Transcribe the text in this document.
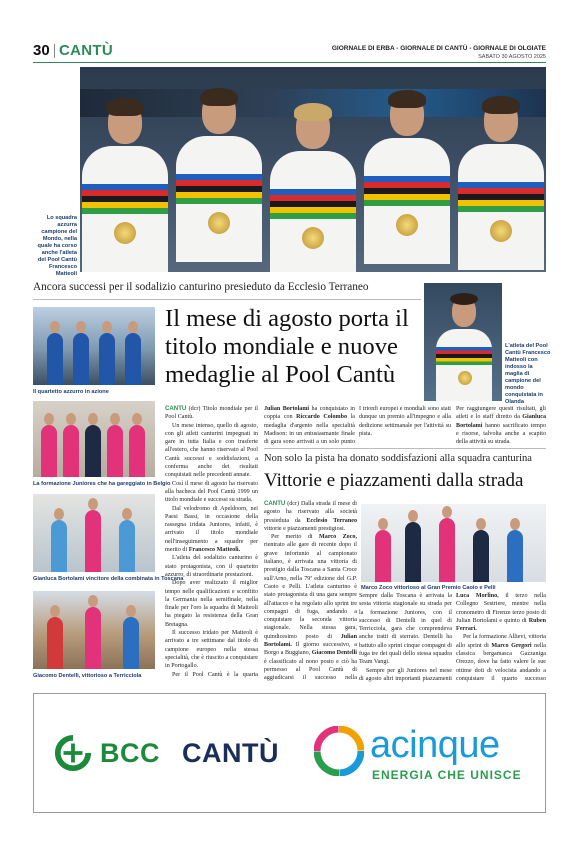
30 CANTÙ	GIORNALE DI ERBA - GIORNALE DI CANTÙ - GIORNALE DI OLGIATE
SABATO 30 AGOSTO 2025
Lo squadra azzurra campione del Mondo, nella quale ha corso anche l'atleta del Pool Cantù Francesco Matteoli
Ancora successi per il sodalizio canturino presieduto da Ecclesio Terraneo
L'atleta del Pool Cantù Francesco Matteoli con indosso la maglia di campione del mondo conquistata in Olanda
Il quartetto azzurro in azione
La formazione Juniores che ha gareggiato in Belgio
Gianluca Bortolami vincitore della combinata in Toscana
Giacomo Dentelli, vittorioso a Terricciola
Il mese di agosto porta il titolo mondiale e nuove medaglie al Pool Cantù

CANTÙ (dcr) Titolo mondiale per il Pool Cantù.

Un mese intenso, quello di agosto, con gli atleti canturini impegnati in gare in tutta Italia e con trasferte all'estero, che hanno riservato al Pool Cantù successi e soddisfazioni, a conferma anche dei risultati conquistati nelle precedenti annate.

Così il mese di agosto ha riservato alla bacheca del Pool Cantù 1999 un titolo mondiale e successi su strada.

Dal velodromo di Apeldoorn, nei Paesi Bassi, in occasione della rassegna iridata Juniores, infatti, è arrivato il titolo mondiale nell'inseguimento a squadre per merito di Francesco Matteoli.

L'atleta del sodalizio canturino è stato protagonista, con il quartetto azzurro, di straordinarie prestazioni.

Dopo aver realizzato il miglior tempo nelle qualificazioni e sconfitto la Germania nella semifinale, nella finale per l'oro la squadra di Matteoli ha piegato la resistenza della Gran Bretagna.

Il successo iridato per Matteoli è arrivato a tre settimane dal titolo di campione europeo nella stessa specialità, che è riuscito a conquistare in Portogallo.

Per il Pool Cantù è la quarta

Julian Bortolami ha conquistato in coppia con Riccardo Colombo la medaglia d'argento nella specialità Madison: in un entusiasmante finale di gara sono arrivati a un solo punto

I trionfi europei e mondiali sono stati dunque un premio all'impegno e alla dedizione settimanale per l'attività su pista.

Per raggiungere questi risultati, gli atleti e lo staff diretto da Gianluca Bortolami hanno sacrificato tempo e risorse, talvolta anche a scapito della attività su strada.

Non solo la pista ha donato soddisfazioni alla squadra canturina
Vittorie e piazzamenti dalla strada

CANTÙ (dcr) Dalla strada il mese di agosto ha riservato alla società presieduta da Ecclesio Terraneo vittorie e piazzamenti prestigiosi.

Per merito di Marco Zoco, rientrato alle gare di recente dopo il grave infortunio al campionato italiano, è arrivata una vittoria di prestigio dalla Toscana a Santa Croce sull'Arno, nella 79ª edizione del G.P. Caoio e Pelli. L'atleta canturino è stato protagonista di una gara sempre all'attacco e ha regolato allo sprint tre compagni di fuga, andando a conquistare la seconda vittoria stagionale. Nella stessa gara, quindicesimo posto di Julian Bortolami. Il giorno successivo, a Borgo a Buggiano, Giacomo Dentelli è classificato al nono posto e ciò ha permesso al Pool Cantù di aggiudicarsi il successo nella

Marco Zoco vittorioso al Gran Premio Caoio e Pelli

Sempre dalla Toscana è arrivata la sesta vittoria stagionale su strada per la formazione Juniores, con il successo di Dentelli in quel di Terricciola, gara che comprendeva anche tratti di sterrato. Dentelli ha battuto allo sprint cinque compagni di fuga tre dei quali dello stessa squadra Team Vangi.

Sempre per gli Juniores nel mese di agosto altri importanti piazzamenti

Luca Morlino, il terzo nella Collegno Sestriere, mentre nella cronometro di Firenze terzo posto di Julian Bortolami e quinto di Ruben Ferrari.

Per la formazione Allievi, vittoria allo sprint di Marco Gregori nella classica bergamasca Gazzaniga Orezzo, dove ha fatto valere le sue ottime doti di velocista andando a conquistare il quarto successo

BCC CANTÙ acinque
ENERGIA CHE UNISCE
